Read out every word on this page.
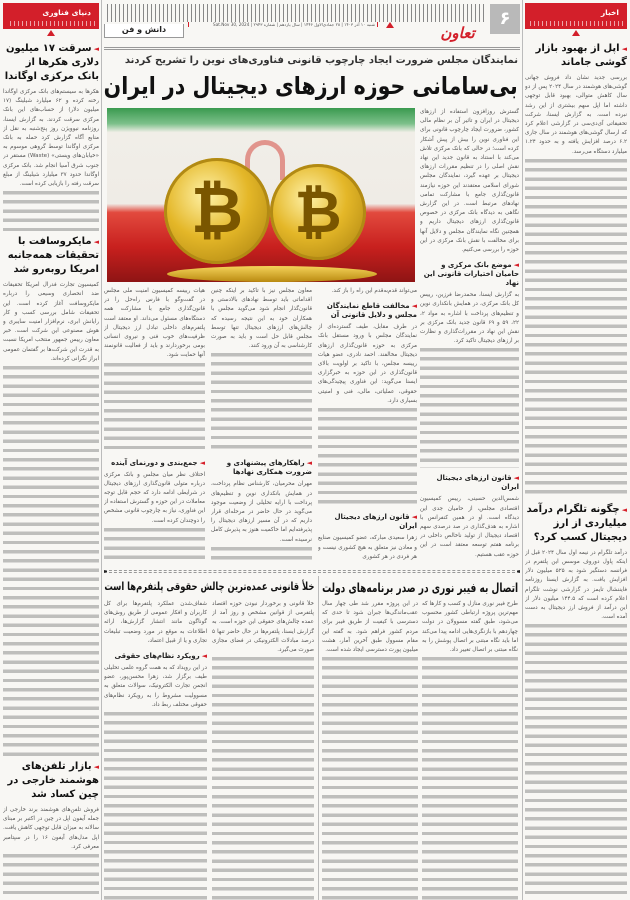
دنیای فناوری
◄سرقت ۱۷ میلیون دلاری هکرها از بانک مرکزی اوگاندا
هکرها به سیستم‌های بانک مرکزی اوگاندا رخنه کرده و ۶۲ میلیارد شیلینگ (۱۷ میلیون دلار) از حساب‌های این بانک مرکزی سرقت کردند. به گزارش ایسنا، روزنامه نیوویژن روز پنج‌شنبه به نقل از منابع آگاه گزارش کرد حمله به بانک مرکزی اوگاندا توسط گروهی موسوم به «خیابان‌های ویستی» (Waste) مستقر در جنوب شرق آسیا انجام شد. بانک مرکزی اوگاندا حدود ۳۷ میلیارد شیلینگ از مبلغ سرقت رفته را بازیابی کرده است.
◄مایکروسافت با تحقیقات همه‌جانبه امریکا روبه‌رو شد
کمیسیون تجارت فدرال امریکا تحقیقات ضد انحصاری وسیعی را درباره مایکروسافت آغاز کرده است. این تحقیقات شامل بررسی کسب و کار رایانش ابری، نرم‌افزار امنیت سایبری و هوش مصنوعی این شرکت است. خبر معاون رییس جمهور منتخب امریکا نسبت به قدرت این شرکت‌ها بر گفتمان عمومی ابراز نگرانی کرده‌اند.
◄بازار تلفن‌های هوشمند خارجی در چین کساد شد
فروش تلفن‌های هوشمند برند خارجی از جمله آیفون اپل در چین در اکتبر بر مبنای سالانه به میزان قابل توجهی کاهش یافت. اپل مدل‌های آیفون ۱۶ را در سپتامبر معرفی کرد.
اخبار
◄اپل از بهبود بازار گوشی جاماند
بررسی جدید نشان داد فروش جهانی گوشی‌های هوشمند در سال ۲۰۲۴ پس از دو سال کاهش متوالی، بهبود قابل توجهی داشته اما اپل سهم بیشتری از این رشد نبرده است. به گزارش ایسنا، شرکت تحقیقاتی آی‌دی‌سی در گزارشی اعلام کرد که ارسال گوشی‌های هوشمند در سال جاری ۶.۲ درصد افزایش یافته و به حدود ۱.۲۴ میلیارد دستگاه می‌رسد.
◄چگونه تلگرام درآمد میلیاردی از ارز دیجیتال کسب کرد؟
درآمد تلگرام در نیمه اول سال ۲۰۲۴ قبل از اینکه پاول دوروف موسس این پلتفرم در فرانسه دستگیر شود به ۵۲۵ میلیون دلار افزایش یافت. به گزارش ایسنا روزنامه فایننشال تایمز در گزارشی نوشت تلگرام اعلام کرده است که ۱۴۴.۵ میلیون دلار از این درآمد از فروش ارز دیجیتال به دست آمده است.
۶
تعاون
شنبه ۱۰ آذر ۱۴۰۳ | ۲۸ جمادی‌الاول ۱۴۴۶ | سال یازدهم | شماره ۲۹۴۳ | Sat.Nov 30, 2024
دانش و فن
نمایندگان مجلس ضرورت ایجاد چارچوب قانونی فناوری‌های نوین را تشریح کردند
بی‌سامانی حوزه ارزهای دیجیتال در ایران
₿ ₿
گسترش روزافزون استفاده از ارزهای دیجیتال در ایران و تاثیر آن بر نظام مالی کشور، ضرورت ایجاد چارچوب قانونی برای این فناوری نوین را بیش از پیش آشکار کرده است؛ در حالی که بانک مرکزی تلاش می‌کند با استناد به قانون جدید این نهاد نقش اصلی را در تنظیم مقررات ارزهای دیجیتال بر عهده گیرد، نمایندگان مجلس شورای اسلامی معتقدند این حوزه نیازمند قانون‌گذاری جامع با مشارکت تمامی نهادهای مرتبط است. در این گزارش نگاهی به دیدگاه بانک مرکزی در خصوص قانون‌گذاری ارزهای دیجیتال داریم و همچنین نگاه نمایندگان مجلس و دلایل آنها برای مخالفت با نقش بانک مرکزی در این حوزه را بررسی می‌کنیم.
◄موضع بانک مرکزی و حامیان اختیارات قانونی این نهاد
به گزارش ایسنا، محمدرضا فرزین، رییس کل بانک مرکزی، در همایش بانکداری نوین و تنظیم‌های پرداخت با اشاره به مواد ۲، ۲۲، ۵۹ و ۶۹ قانون جدید بانک مرکزی بر نقش این نهاد در مقررات‌گذاری و نظارت بر ارزهای دیجیتال تاکید کرد.
◄قانون ارزهای دیجیتال ایران
شمس‌الدین حسینی، رییس کمیسیون اقتصادی مجلس، از حامیان جدی این دیدگاه است. او در همین کنفرانس با اشاره به هدف‌گذاری در صد درصدی سهم اقتصاد دیجیتال از تولید ناخالص داخلی در برنامه هفتم توسعه معتقد است در این حوزه عقب هستیم.
می‌تواند قدم‌به‌قدم این راه را باز کند.
◄مخالفت قاطع نمایندگان مجلس و دلایل قانونی آن
در طرف مقابل، طیف گسترده‌ای از نمایندگان مجلس با ورود مستقل بانک مرکزی به حوزه قانون‌گذاری ارزهای دیجیتال مخالفند. احمد نادری، عضو هیات رییسه مجلس، با تاکید بر اولویت بالای قانون‌گذاری در این حوزه به خبرگزاری ایسنا می‌گوید: این فناوری پیچیدگی‌های حقوقی، عملیاتی، مالی، فنی و امنیتی بسیاری دارد.
◄قانون ارزهای دیجیتال ایران
زهرا سعیدی مبارکه، عضو کمیسیون صنایع و معادن نیز متعلق به هیچ کشوری نیست و هر فردی در هر کشوری
معاون مجلس نیز با تاکید بر اینکه چنین اقداماتی باید توسط نهادهای بالادستی و قانون‌گذار انجام شود می‌گوید مجلس با همکاران خود به این نتیجه رسیده که چالش‌های ارزهای دیجیتال تنها توسط مجلس قابل حل است و باید به صورت کارشناسی به آن ورود کنند.
◄راهکارهای پیشنهادی و ضرورت همکاری نهادها
مهران محرمیان، کارشناس نظام پرداخت، در همایش بانکداری نوین و تنظیم‌های پرداخت با ارایه تحلیلی از وضعیت موجود می‌گوید در حال حاضر در مرحله‌ای قرار داریم که در آن مسیر ارزهای دیجیتال را پذیرفته‌ایم اما حاکمیت هنوز به پذیرش کامل نرسیده است.
هیات رییسه کمیسیون امنیت ملی مجلس در گفت‌وگو با فارس راه‌حل را در قانون‌گذاری جامع با مشارکت همه دستگاه‌های مسئول می‌داند. او معتقد است پلتفرم‌های داخلی تبادل ارز دیجیتال از ظرفیت‌های خوب فنی و نیروی انسانی بومی برخوردارند و باید از فعالیت قانونمند آنها حمایت شود.
◄جمع‌بندی و دورنمای آینده
اختلاف نظر میان مجلس و بانک مرکزی درباره متولی قانون‌گذاری ارزهای دیجیتال در شرایطی ادامه دارد که حجم قابل توجه معاملات در این حوزه و گسترش استفاده از این فناوری، نیاز به چارچوب قانونی مشخص را دوچندان کرده است.
اتصال به فیبر نوری در صدر برنامه‌های دولت
طرح فیبر نوری منازل و کسب و کارها که مهم‌ترین پروژه ارتباطی کشور محسوب می‌شود، طبق گفته مسوولان در دولت چهاردهم با بازنگری‌هایی ادامه پیدا می‌کند اما باید نگاه مبتنی بر اتصال پوشش را به نگاه مبتنی بر اتصال تغییر داد.
در این پروژه مقرر شد طی چهار سال عقب‌ماندگی‌ها جبران شود تا حدی که دسترسی با کیفیت از طریق فیبر برای مردم کشور فراهم شود. به گفته این مقام مسوول طبق آخرین آمار، هشت میلیون پورت دسترسی ایجاد شده است.
خلأ قانونی عمده‌ترین چالش حقوقی پلتفرم‌ها است
خلأ قانونی و برخوردار نبودن حوزه اقتصاد پلتفرمی از قوانین مشخص و روز آمد از عمده چالش‌های حقوقی این حوزه است. به گزارش ایسنا، پلتفرم‌ها در حال حاضر تنها ۵ درصد مبادلات الکترونیکی در فضای مجازی صورت می‌گیرد.
شفاف‌شدن عملکرد پلتفرم‌ها برای کل کاربران و افکار عمومی از طریق روش‌های گوناگون مانند انتشار گزارش‌ها، ارائه اطلاعات به موقع در مورد وضعیت تبلیغات تجاری و یا از قبیل اعتماد،
◄رویکرد نظام‌های حقوقی
در این رویداد که به همت گروه علمی تحلیلی طیف برگزار شد، زهرا محسن‌پور، عضو انجمن تجارت الکترونیک، سوالات متعلق به مسوولیت مشروط را به رویکرد نظام‌های حقوقی مختلف ربط داد.
